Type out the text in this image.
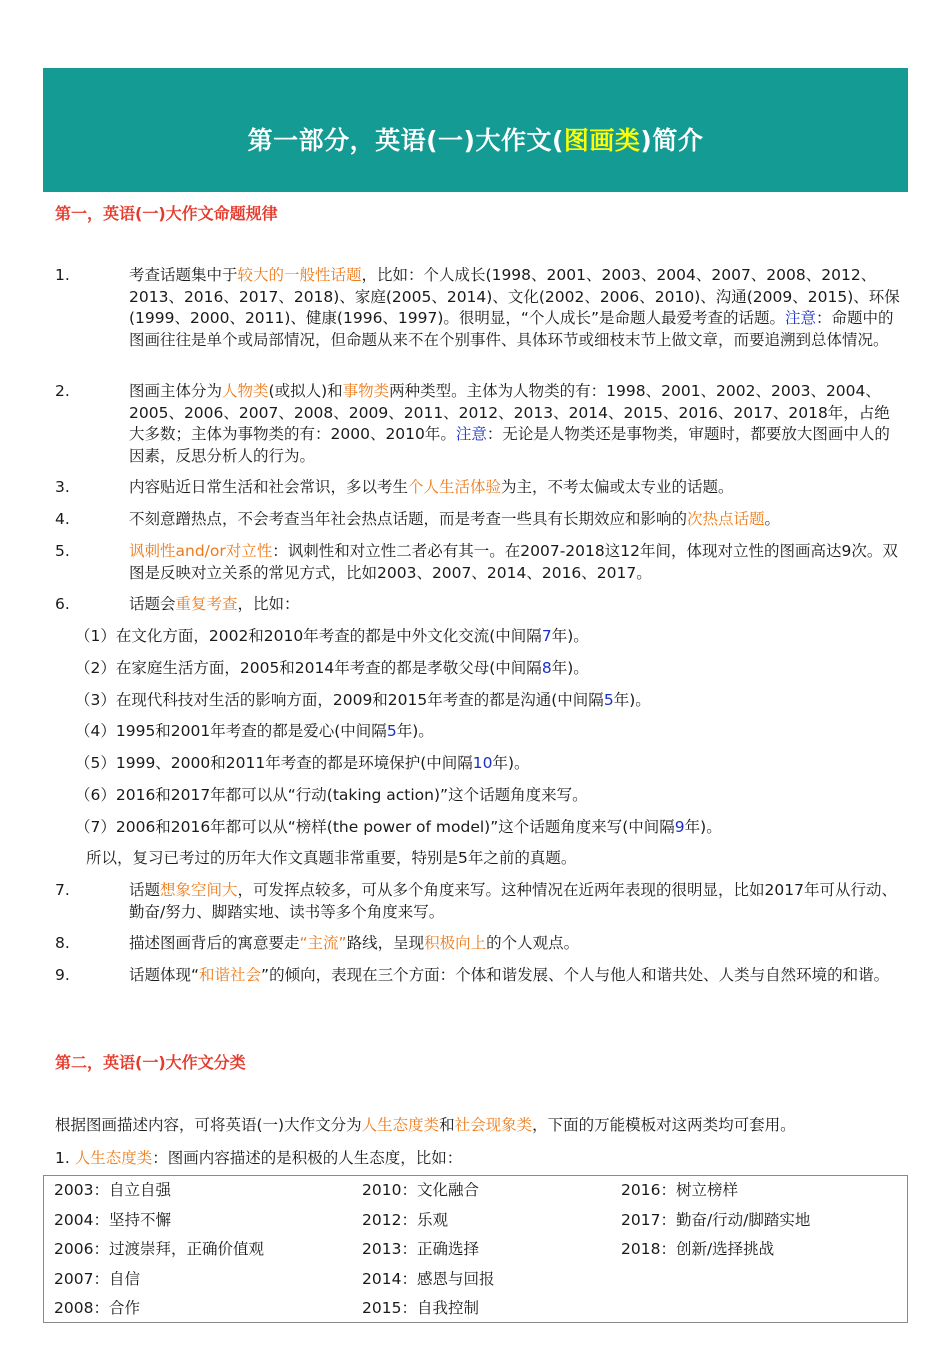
第一部分，英语(一)大作文(图画类)简介
第一，英语(一)大作文命题规律
1.	考查话题集中于较大的一般性话题，比如：个人成长(1998、2001、2003、2004、2007、2008、2012、2013、2016、2017、2018)、家庭(2005、2014)、文化(2002、2006、2010)、沟通(2009、2015)、环保(1999、2000、2011)、健康(1996、1997)。很明显，“个人成长”是命题人最爱考查的话题。注意：命题中的图画往往是单个或局部情况，但命题从来不在个别事件、具体环节或细枝末节上做文章，而要追溯到总体情况。
2.	图画主体分为人物类(或拟人)和事物类两种类型。主体为人物类的有：1998、2001、2002、2003、2004、2005、2006、2007、2008、2009、2011、2012、2013、2014、2015、2016、2017、2018年，占绝大多数；主体为事物类的有：2000、2010年。注意：无论是人物类还是事物类，审题时，都要放大图画中人的因素，反思分析人的行为。
3.	内容贴近日常生活和社会常识，多以考生个人生活体验为主，不考太偏或太专业的话题。
4.	不刻意蹭热点，不会考查当年社会热点话题，而是考查一些具有长期效应和影响的次热点话题。
5.	讽刺性and/or对立性：讽刺性和对立性二者必有其一。在2007-2018这12年间，体现对立性的图画高达9次。双图是反映对立关系的常见方式，比如2003、2007、2014、2016、2017。
6.	话题会重复考查，比如：
（1）在文化方面，2002和2010年考查的都是中外文化交流(中间隔7年)。
（2）在家庭生活方面，2005和2014年考查的都是孝敬父母(中间隔8年)。
（3）在现代科技对生活的影响方面，2009和2015年考查的都是沟通(中间隔5年)。
（4）1995和2001年考查的都是爱心(中间隔5年)。
（5）1999、2000和2011年考查的都是环境保护(中间隔10年)。
（6）2016和2017年都可以从“行动(taking action)”这个话题角度来写。
（7）2006和2016年都可以从“榜样(the power of model)”这个话题角度来写(中间隔9年)。
所以，复习已考过的历年大作文真题非常重要，特别是5年之前的真题。
7.	话题想象空间大，可发挥点较多，可从多个角度来写。这种情况在近两年表现的很明显，比如2017年可从行动、勤奋/努力、脚踏实地、读书等多个角度来写。
8.	描述图画背后的寓意要走“主流”路线，呈现积极向上的个人观点。
9.	话题体现“和谐社会”的倾向，表现在三个方面：个体和谐发展、个人与他人和谐共处、人类与自然环境的和谐。
第二，英语(一)大作文分类
根据图画描述内容，可将英语(一)大作文分为人生态度类和社会现象类，下面的万能模板对这两类均可套用。
1. 人生态度类：图画内容描述的是积极的人生态度，比如：
2003：自立自强	2010：文化融合	2016：树立榜样
2004：坚持不懈	2012：乐观	2017：勤奋/行动/脚踏实地
2006：过渡崇拜，正确价值观	2013：正确选择	2018：创新/选择挑战
2007：自信	2014：感恩与回报
2008：合作	2015：自我控制
